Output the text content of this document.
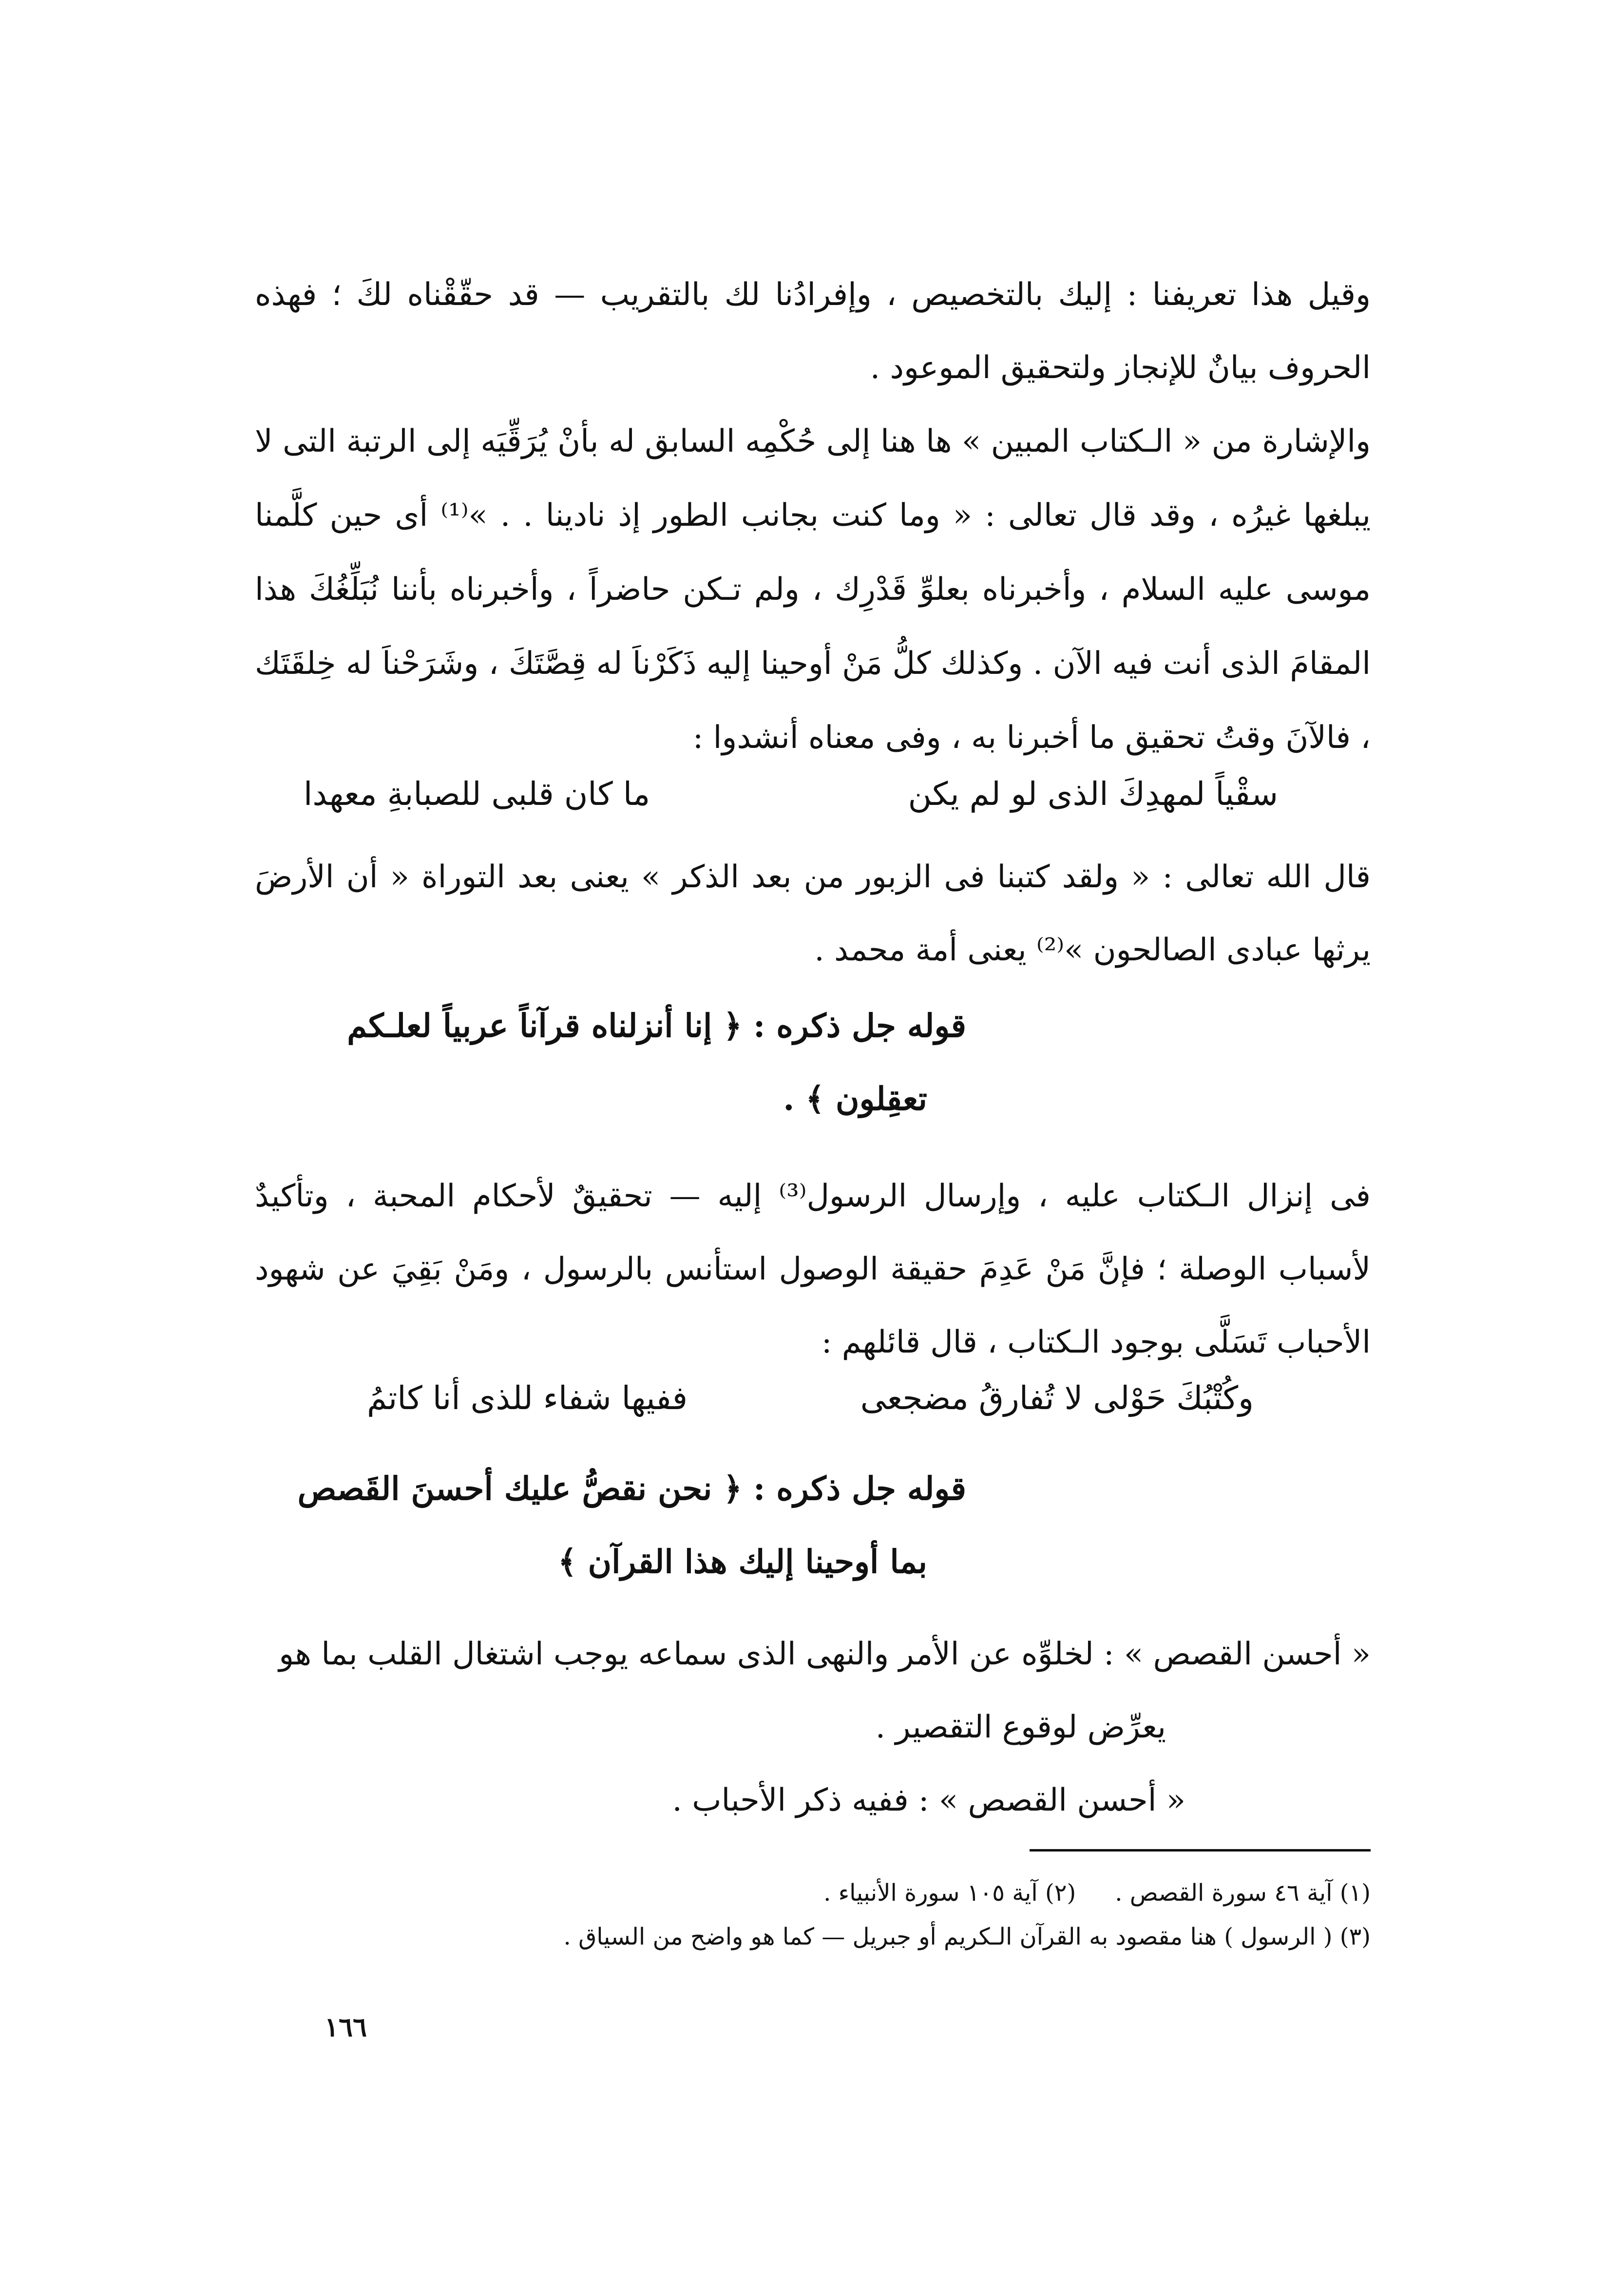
وقيل هذا تعريفنا : إليك بالتخصيص ، وإفرادُنا لك بالتقريب — قد حقّقْناه لكَ ؛ فهذه الحروف بيانٌ للإنجاز ولتحقيق الموعود .
والإشارة من « الـكتاب المبين » ها هنا إلى حُكْمِه السابق له بأنْ يُرَقِّيَه إلى الرتبة التى لا يبلغها غيرُه ، وقد قال تعالى : « وما كنت بجانب الطور إذ نادينا . . »⁽¹⁾ أى حين كلَّمنا موسى عليه السلام ، وأخبرناه بعلوِّ قَدْرِك ، ولم تـكن حاضراً ، وأخبرناه بأننا نُبَلِّغُكَ هذا المقامَ الذى أنت فيه الآن . وكذلك كلُّ مَنْ أوحينا إليه ذَكَرْناَ له قِصَّتَكَ ، وشَرَحْناَ له خِلقَتَك ، فالآنَ وقتُ تحقيق ما أخبرنا به ، وفى معناه أنشدوا :
سقْياً لمهدِكَ الذى لو لم يكن
ما كان قلبى للصبابةِ معهدا
قال الله تعالى : « ولقد كتبنا فى الزبور من بعد الذكر » يعنى بعد التوراة « أن الأرضَ يرثها عبادى الصالحون »⁽²⁾ يعنى أمة محمد .
قوله جل ذكره : ﴿ إنا أنزلناه قرآناً عربياً لعلـكم
تعقِلون ﴾ .
فى إنزال الـكتاب عليه ، وإرسال الرسول⁽³⁾ إليه — تحقيقٌ لأحكام المحبة ، وتأكيدٌ لأسباب الوصلة ؛ فإنَّ مَنْ عَدِمَ حقيقة الوصول استأنس بالرسول ، ومَنْ بَقِيَ عن شهود الأحباب تَسَلَّى بوجود الـكتاب ، قال قائلهم :
وكُتْبُكَ حَوْلى لا تُفارقُ مضجعى
ففيها شفاء للذى أنا كاتمُ
قوله جل ذكره : ﴿ نحن نقصُّ عليك أحسنَ القَصص
بما أوحينا إليك هذا القرآن ﴾
« أحسن القصص » : لخلوِّه عن الأمر والنهى الذى سماعه يوجب اشتغال القلب بما هو
يعرِّض لوقوع التقصير .
« أحسن القصص » : ففيه ذكر الأحباب .
(١) آية ٤٦ سورة القصص .(٢) آية ١٠٥ سورة الأنبياء .
(٣) ( الرسول ) هنا مقصود به القرآن الـكريم أو جبريل — كما هو واضح من السياق .
١٦٦
